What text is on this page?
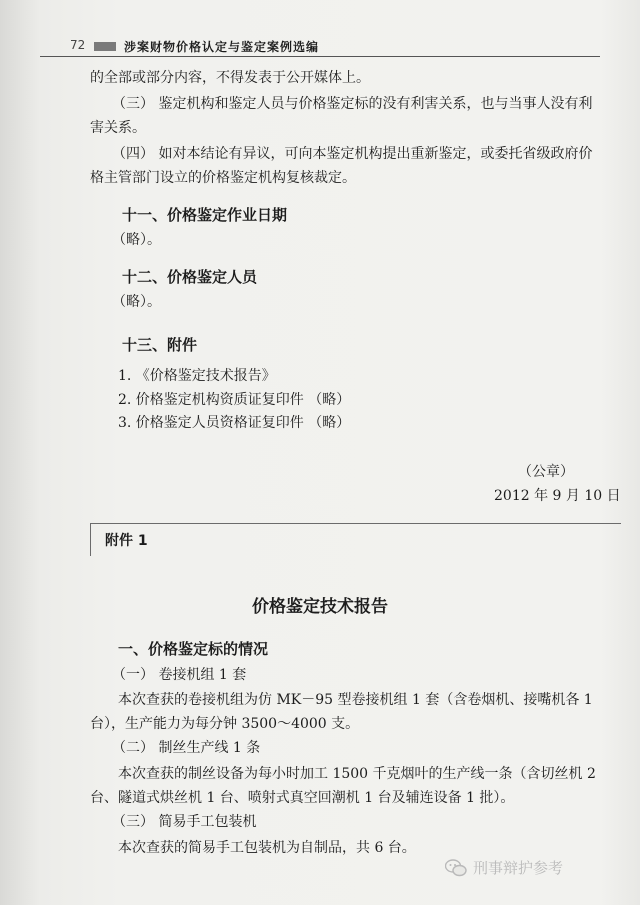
72	涉案财物价格认定与鉴定案例选编
的全部或部分内容，不得发表于公开媒体上。
（三） 鉴定机构和鉴定人员与价格鉴定标的没有利害关系，也与当事人没有利
害关系。
（四） 如对本结论有异议，可向本鉴定机构提出重新鉴定，或委托省级政府价
格主管部门设立的价格鉴定机构复核裁定。
十一、价格鉴定作业日期
（略）。
十二、价格鉴定人员
（略）。
十三、附件
1. 《价格鉴定技术报告》
2. 价格鉴定机构资质证复印件 （略）
3. 价格鉴定人员资格证复印件 （略）
（公章）
2012 年 9 月 10 日
附件 1
价格鉴定技术报告
一、价格鉴定标的情况
（一） 卷接机组 1 套
本次查获的卷接机组为仿 MK－95 型卷接机组 1 套（含卷烟机、接嘴机各 1
台），生产能力为每分钟 3500～4000 支。
（二） 制丝生产线 1 条
本次查获的制丝设备为每小时加工 1500 千克烟叶的生产线一条（含切丝机 2
台、隧道式烘丝机 1 台、喷射式真空回潮机 1 台及辅连设备 1 批）。
（三） 简易手工包装机
本次查获的简易手工包装机为自制品，共 6 台。
刑事辩护参考
